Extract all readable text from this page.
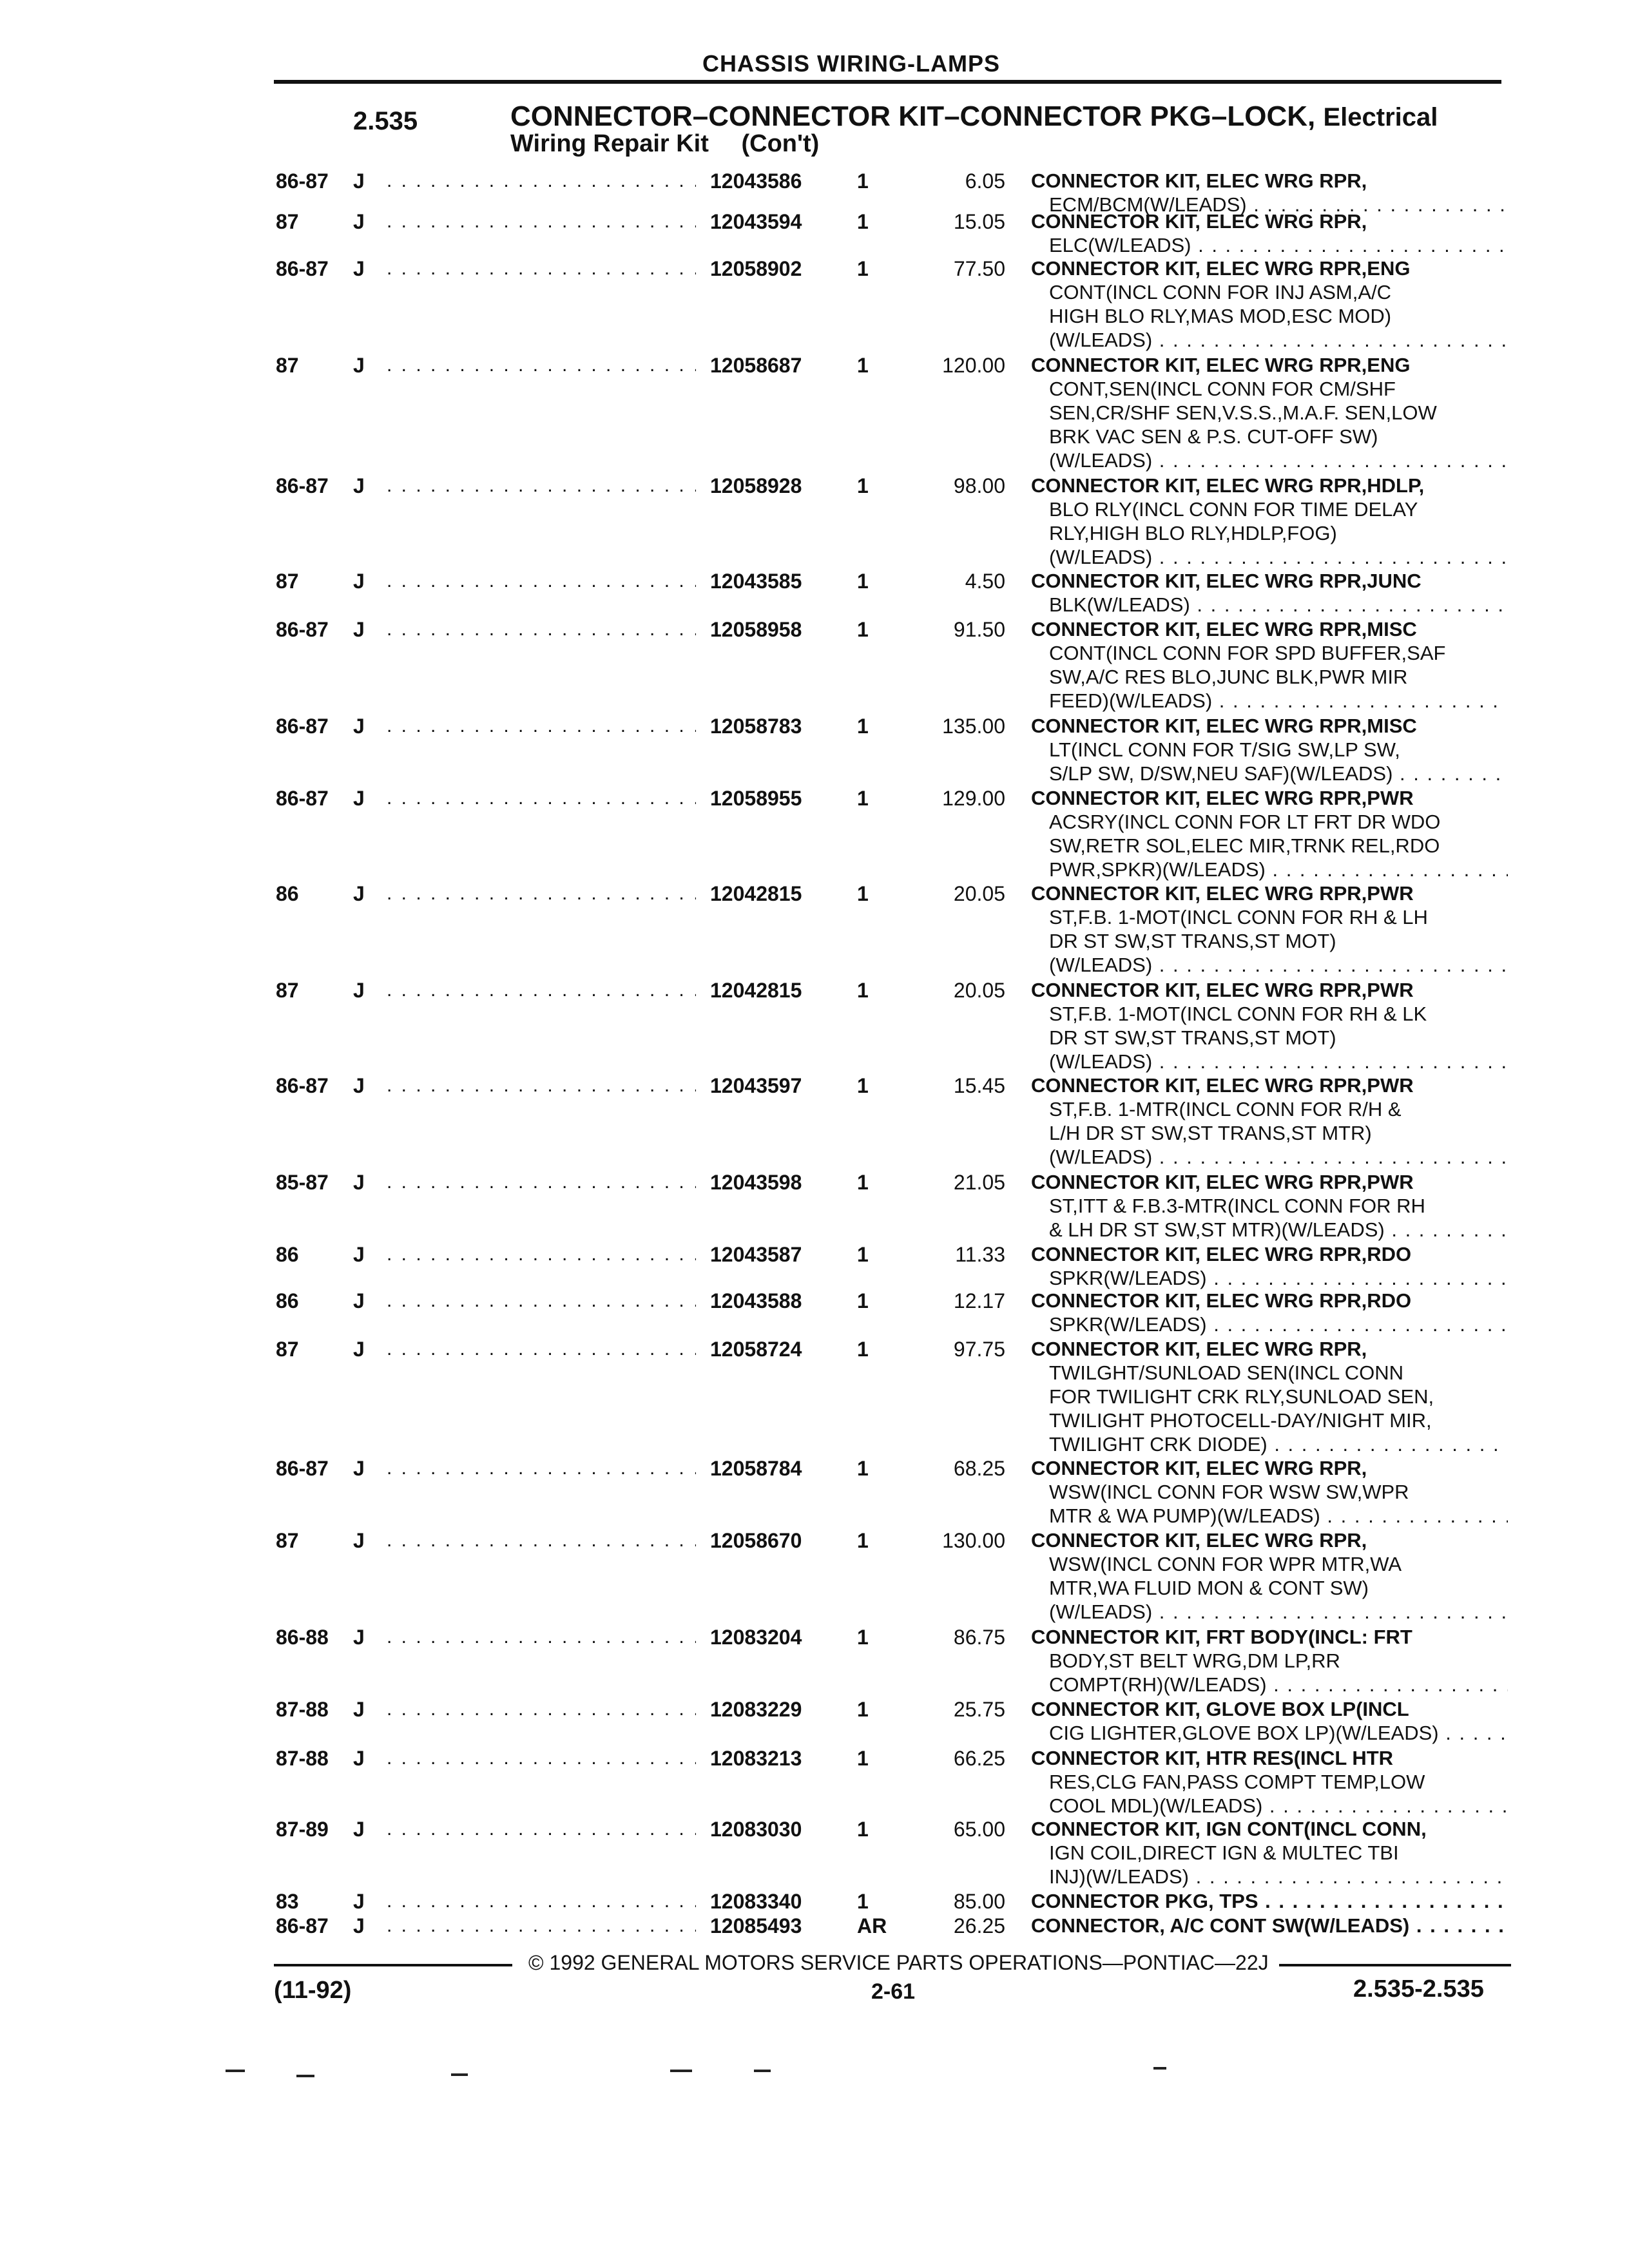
CHASSIS WIRING-LAMPS
2.535	CONNECTOR–CONNECTOR KIT–CONNECTOR PKG–LOCK, Electrical
Wiring Repair Kit (Con't)
86-87 J	12043586	1	6.05 . . . CONNECTOR KIT, ELEC WRG RPR,
ECM/BCM(W/LEADS) . . .
87	J	12043594	1	15.05 . . . CONNECTOR KIT, ELEC WRG RPR,
ELC(W/LEADS) . . .
86-87 J	12058902	1	77.50 . . . CONNECTOR KIT, ELEC WRG RPR,ENG
CONT(INCL CONN FOR INJ ASM,A/C
HIGH BLO RLY,MAS MOD,ESC MOD)
(W/LEADS) . . .
87	J	12058687	1	120.00 . . . CONNECTOR KIT, ELEC WRG RPR,ENG
CONT,SEN(INCL CONN FOR CM/SHF
SEN,CR/SHF SEN,V.S.S.,M.A.F. SEN,LOW
BRK VAC SEN & P.S. CUT-OFF SW)
(W/LEADS) . . .
86-87 J	12058928	1	98.00 . . . CONNECTOR KIT, ELEC WRG RPR,HDLP,
BLO RLY(INCL CONN FOR TIME DELAY
RLY,HIGH BLO RLY,HDLP,FOG)
(W/LEADS) . . .
87	J	12043585	1	4.50 . . . CONNECTOR KIT, ELEC WRG RPR,JUNC
BLK(W/LEADS) . . .
86-87 J	12058958	1	91.50 . . . CONNECTOR KIT, ELEC WRG RPR,MISC
CONT(INCL CONN FOR SPD BUFFER,SAF
SW,A/C RES BLO,JUNC BLK,PWR MIR
FEED)(W/LEADS) . . .
86-87 J	12058783	1	135.00 . . . CONNECTOR KIT, ELEC WRG RPR,MISC
LT(INCL CONN FOR T/SIG SW,LP SW,
S/LP SW, D/SW,NEU SAF)(W/LEADS) . . .
86-87 J	12058955	1	129.00 . . . CONNECTOR KIT, ELEC WRG RPR,PWR
ACSRY(INCL CONN FOR LT FRT DR WDO
SW,RETR SOL,ELEC MIR,TRNK REL,RDO
PWR,SPKR)(W/LEADS) . . .
86	J	12042815	1	20.05 . . . CONNECTOR KIT, ELEC WRG RPR,PWR
ST,F.B. 1-MOT(INCL CONN FOR RH & LH
DR ST SW,ST TRANS,ST MOT)
(W/LEADS) . . .
87	J	12042815	1	20.05 . . . CONNECTOR KIT, ELEC WRG RPR,PWR
ST,F.B. 1-MOT(INCL CONN FOR RH & LK
DR ST SW,ST TRANS,ST MOT)
(W/LEADS) . . .
86-87 J	12043597	1	15.45 . . . CONNECTOR KIT, ELEC WRG RPR,PWR
ST,F.B. 1-MTR(INCL CONN FOR R/H &
L/H DR ST SW,ST TRANS,ST MTR)
(W/LEADS) . . .
85-87 J	12043598	1	21.05 . . . CONNECTOR KIT, ELEC WRG RPR,PWR
ST,ITT & F.B.3-MTR(INCL CONN FOR RH
& LH DR ST SW,ST MTR)(W/LEADS) . . .
86	J	12043587	1	11.33 . . . CONNECTOR KIT, ELEC WRG RPR,RDO
SPKR(W/LEADS) . . .
86	J	12043588	1	12.17 . . . CONNECTOR KIT, ELEC WRG RPR,RDO
SPKR(W/LEADS) . . .
87	J	12058724	1	97.75 . . . CONNECTOR KIT, ELEC WRG RPR,
TWILGHT/SUNLOAD SEN(INCL CONN
FOR TWILIGHT CRK RLY,SUNLOAD SEN,
TWILIGHT PHOTOCELL-DAY/NIGHT MIR,
TWILIGHT CRK DIODE) . . .
86-87 J	12058784	1	68.25 . . . CONNECTOR KIT, ELEC WRG RPR,
WSW(INCL CONN FOR WSW SW,WPR
MTR & WA PUMP)(W/LEADS) . . .
87	J	12058670	1	130.00 . . . CONNECTOR KIT, ELEC WRG RPR,
WSW(INCL CONN FOR WPR MTR,WA
MTR,WA FLUID MON & CONT SW)
(W/LEADS) . . .
86-88 J	12083204	1	86.75 . . . CONNECTOR KIT, FRT BODY(INCL: FRT
BODY,ST BELT WRG,DM LP,RR
COMPT(RH)(W/LEADS) . . .
87-88 J	12083229	1	25.75 . . . CONNECTOR KIT, GLOVE BOX LP(INCL
CIG LIGHTER,GLOVE BOX LP)(W/LEADS) . . .
87-88 J	12083213	1	66.25 . . . CONNECTOR KIT, HTR RES(INCL HTR
RES,CLG FAN,PASS COMPT TEMP,LOW
COOL MDL)(W/LEADS) . . .
87-89 J	12083030	1	65.00 . . . CONNECTOR KIT, IGN CONT(INCL CONN,
IGN COIL,DIRECT IGN & MULTEC TBI
INJ)(W/LEADS) . . .
83	J	12083340	1	85.00 . . . CONNECTOR PKG, TPS . . .
86-87 J	12085493	AR	26.25 . . . CONNECTOR, A/C CONT SW(W/LEADS) . . .
© 1992 GENERAL MOTORS SERVICE PARTS OPERATIONS—PONTIAC—22J
(11-92)	2-61	2.535-2.535
